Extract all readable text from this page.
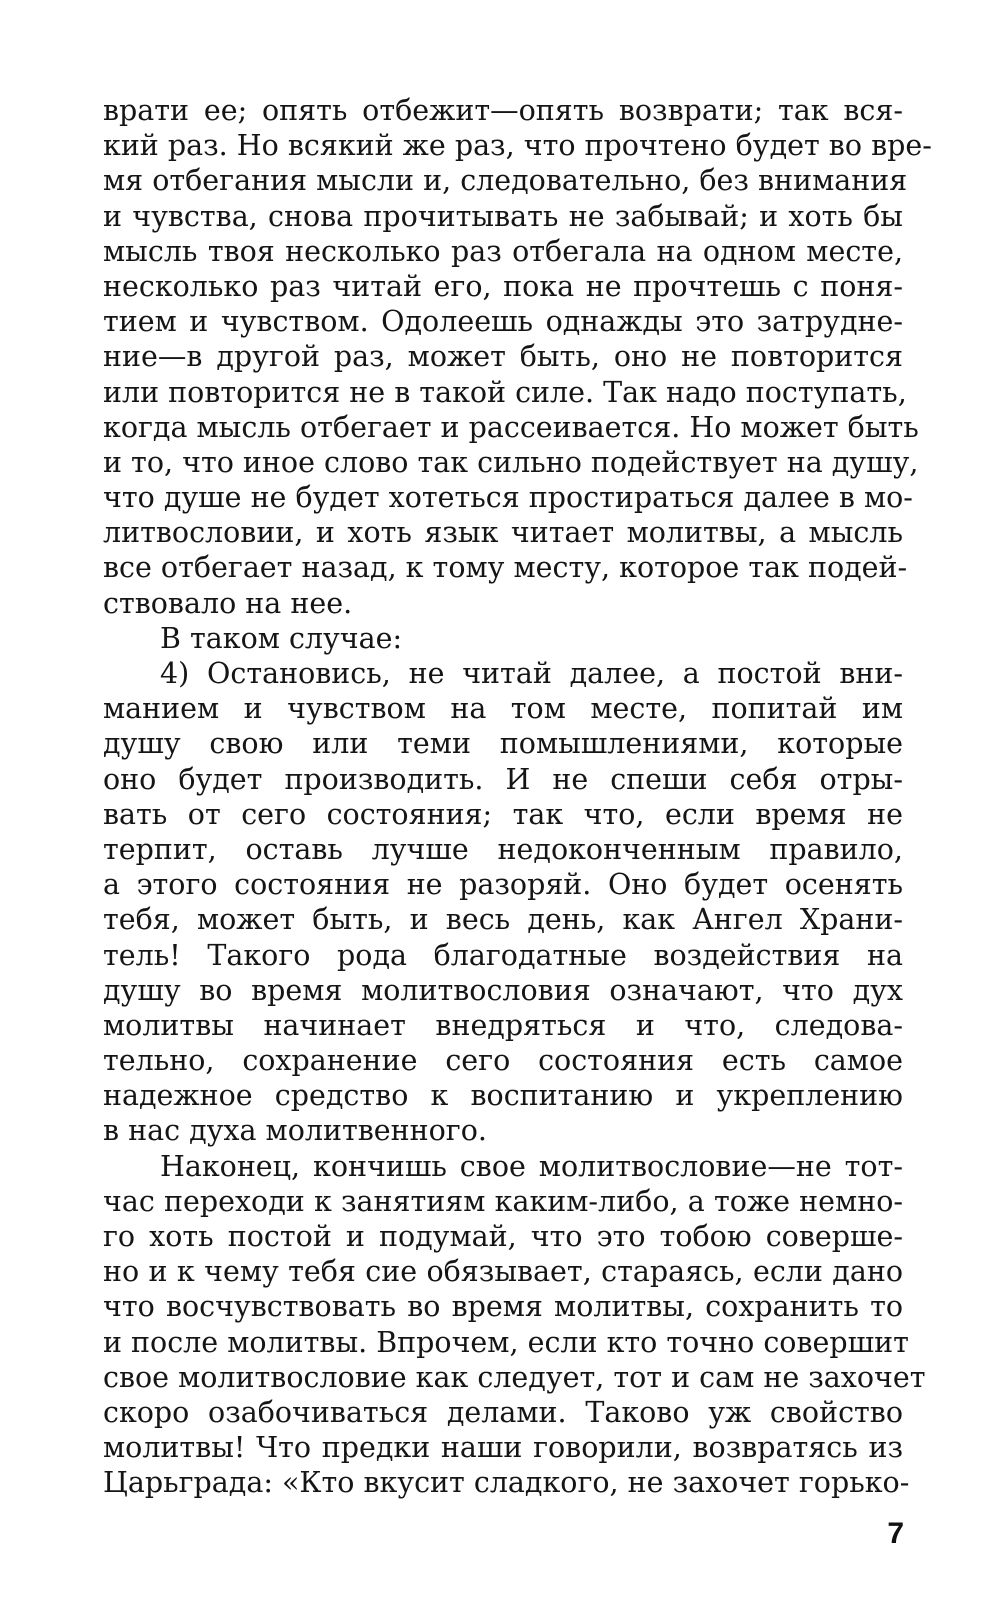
врати ее; опять отбежит—опять возврати; так вся-
кий раз. Но всякий же раз, что прочтено будет во вре-
мя отбегания мысли и, следовательно, без внимания
и чувства, снова прочитывать не забывай; и хоть бы
мысль твоя несколько раз отбегала на одном месте,
несколько раз читай его, пока не прочтешь с поня-
тием и чувством. Одолеешь однажды это затрудне-
ние—в другой раз, может быть, оно не повторится
или повторится не в такой силе. Так надо поступать,
когда мысль отбегает и рассеивается. Но может быть
и то, что иное слово так сильно подействует на душу,
что душе не будет хотеться простираться далее в мо-
литвословии, и хоть язык читает молитвы, а мысль
все отбегает назад, к тому месту, которое так подей-
ствовало на нее.
В таком случае:
4) Остановись, не читай далее, а постой вни-
манием и чувством на том месте, попитай им
душу свою или теми помышлениями, которые
оно будет производить. И не спеши себя отры-
вать от сего состояния; так что, если время не
терпит, оставь лучше недоконченным правило,
а этого состояния не разоряй. Оно будет осенять
тебя, может быть, и весь день, как Ангел Храни-
тель! Такого рода благодатные воздействия на
душу во время молитвословия означают, что дух
молитвы начинает внедряться и что, следова-
тельно, сохранение сего состояния есть самое
надежное средство к воспитанию и укреплению
в нас духа молитвенного.
Наконец, кончишь свое молитвословие—не тот-
час переходи к занятиям каким-либо, а тоже немно-
го хоть постой и подумай, что это тобою соверше-
но и к чему тебя сие обязывает, стараясь, если дано
что восчувствовать во время молитвы, сохранить то
и после молитвы. Впрочем, если кто точно совершит
свое молитвословие как следует, тот и сам не захочет
скоро озабочиваться делами. Таково уж свойство
молитвы! Что предки наши говорили, возвратясь из
Царьграда: «Кто вкусит сладкого, не захочет горько-
7
